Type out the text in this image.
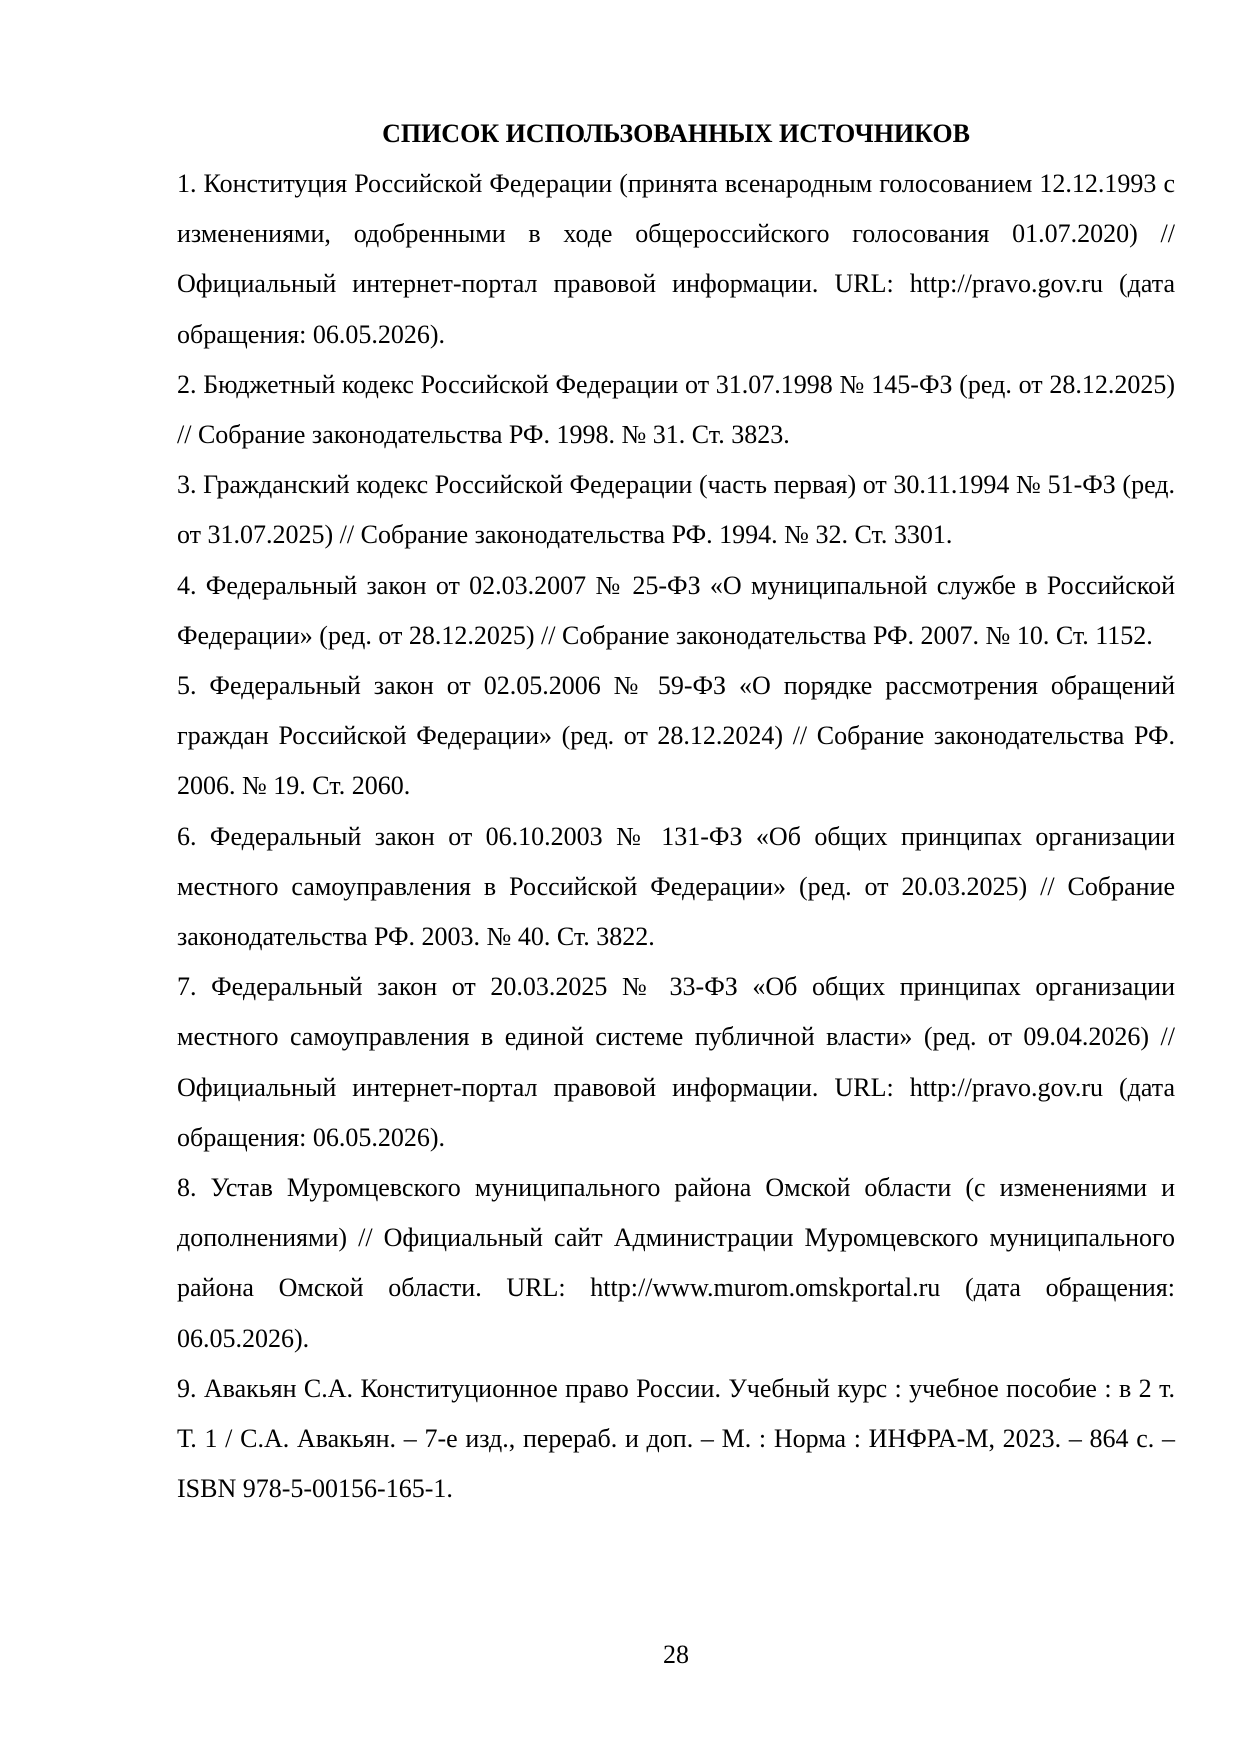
СПИСОК ИСПОЛЬЗОВАННЫХ ИСТОЧНИКОВ
1. Конституция Российской Федерации (принята всенародным голосованием 12.12.1993 с изменениями, одобренными в ходе общероссийского голосования 01.07.2020) // Официальный интернет-портал правовой информации. URL: http://pravo.gov.ru (дата обращения: 06.05.2026).
2. Бюджетный кодекс Российской Федерации от 31.07.1998 № 145-ФЗ (ред. от 28.12.2025) // Собрание законодательства РФ. 1998. № 31. Ст. 3823.
3. Гражданский кодекс Российской Федерации (часть первая) от 30.11.1994 № 51-ФЗ (ред. от 31.07.2025) // Собрание законодательства РФ. 1994. № 32. Ст. 3301.
4. Федеральный закон от 02.03.2007 № 25-ФЗ «О муниципальной службе в Российской Федерации» (ред. от 28.12.2025) // Собрание законодательства РФ. 2007. № 10. Ст. 1152.
5. Федеральный закон от 02.05.2006 № 59-ФЗ «О порядке рассмотрения обращений граждан Российской Федерации» (ред. от 28.12.2024) // Собрание законодательства РФ. 2006. № 19. Ст. 2060.
6. Федеральный закон от 06.10.2003 № 131-ФЗ «Об общих принципах организации местного самоуправления в Российской Федерации» (ред. от 20.03.2025) // Собрание законодательства РФ. 2003. № 40. Ст. 3822.
7. Федеральный закон от 20.03.2025 № 33-ФЗ «Об общих принципах организации местного самоуправления в единой системе публичной власти» (ред. от 09.04.2026) // Официальный интернет-портал правовой информации. URL: http://pravo.gov.ru (дата обращения: 06.05.2026).
8. Устав Муромцевского муниципального района Омской области (с изменениями и дополнениями) // Официальный сайт Администрации Муромцевского муниципального района Омской области. URL: http://www.murom.omskportal.ru (дата обращения: 06.05.2026).
9. Авакьян С.А. Конституционное право России. Учебный курс : учебное пособие : в 2 т. Т. 1 / С.А. Авакьян. – 7-е изд., перераб. и доп. – М. : Норма : ИНФРА-М, 2023. – 864 с. – ISBN 978-5-00156-165-1.
28
